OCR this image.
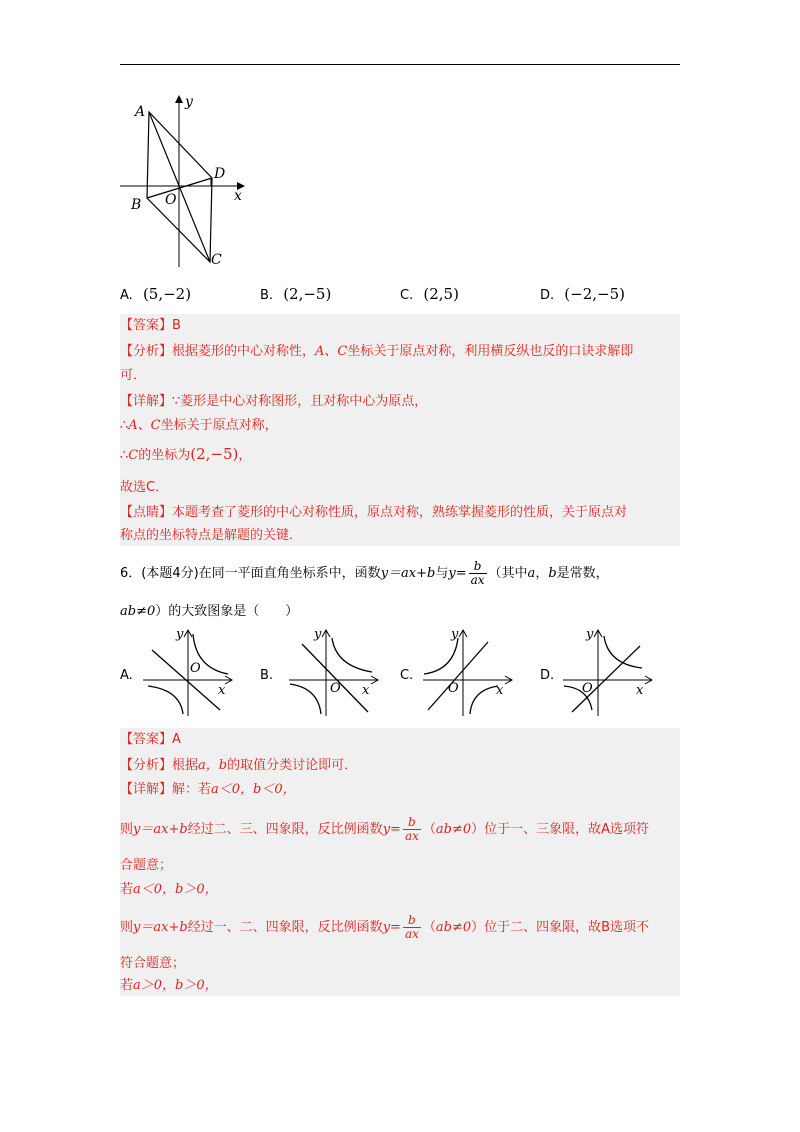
A
B
C
D
O	x
y
A. (5,−2)	B. (2,−5)	C. (2,5)	D. (−2,−5)
【答案】B
【分析】根据菱形的中心对称性，A、C坐标关于原点对称，利用横反纵也反的口诀求解即
可．
【详解】∵菱形是中心对称图形，且对称中心为原点，
∴A、C坐标关于原点对称，
∴C的坐标为(2,−5)，
故选C．
【点睛】本题考查了菱形的中心对称性质，原点对称，熟练掌握菱形的性质，关于原点对
称点的坐标特点是解题的关键．
6．(本题4分)在同一平面直角坐标系中，函数y＝ax+b与$y= \frac{b}{ax}$ （其中a，b是常数，
ab≠0）的大致图象是（　　）
A.
x
y
O	B.
x
y
O
C.
x
y
O
D.
x
y
O
【答案】A
【分析】根据a，b的取值分类讨论即可．
【详解】解：若a＜0，b＜0，
则y＝ax+b经过二、三、四象限，反比例函数$y= \frac{b}{ax} (ab\ne 0)$位于一、三象限，故A选项符
合题意；
若a＜0，b＞0，
则y＝ax+b经过一、二、四象限，反比例函数$y= \frac{b}{ax} (ab\ne 0)$位于二、四象限，故B选项不
符合题意；
若a＞0，b＞0，
